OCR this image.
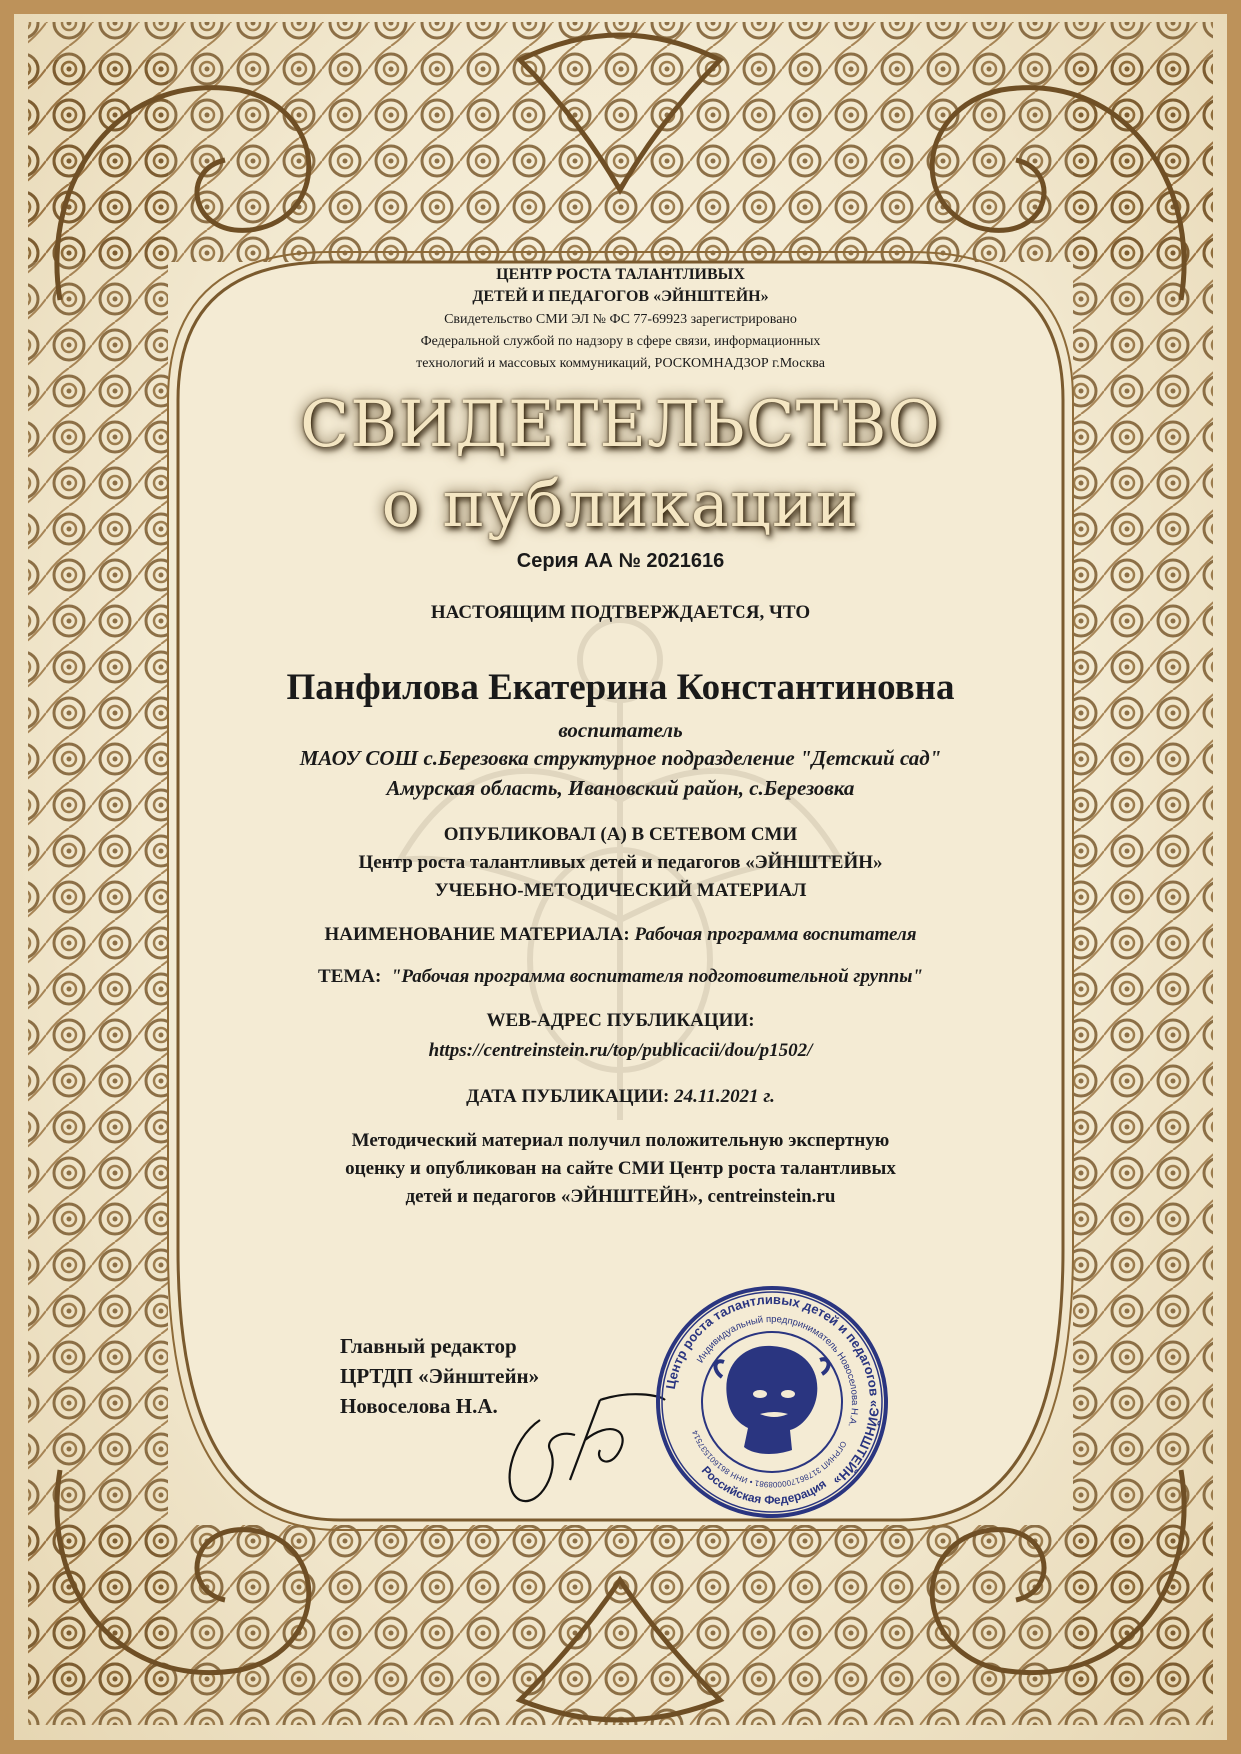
ЦЕНТР РОСТА ТАЛАНТЛИВЫХ
ДЕТЕЙ И ПЕДАГОГОВ «ЭЙНШТЕЙН»
Свидетельство СМИ ЭЛ № ФС 77-69923 зарегистрировано
Федеральной службой по надзору в сфере связи, информационных
технологий и массовых коммуникаций, РОСКОМНАДЗОР г.Москва
СВИДЕТЕЛЬСТВО
о публикации
Серия АА № 2021616
НАСТОЯЩИМ ПОДТВЕРЖДАЕТСЯ, ЧТО
Панфилова Екатерина Константиновна
воспитатель
МАОУ СОШ с.Березовка структурное подразделение "Детский сад"
Амурская область, Ивановский район, с.Березовка
ОПУБЛИКОВАЛ (А) В СЕТЕВОМ СМИ
Центр роста талантливых детей и педагогов «ЭЙНШТЕЙН»
УЧЕБНО-МЕТОДИЧЕСКИЙ МАТЕРИАЛ
НАИМЕНОВАНИЕ МАТЕРИАЛА: Рабочая программа воспитателя
ТЕМА: "Рабочая программа воспитателя подготовительной группы"
WEB-АДРЕС ПУБЛИКАЦИИ:
https://centreinstein.ru/top/publicacii/dou/p1502/
ДАТА ПУБЛИКАЦИИ: 24.11.2021 г.
Методический материал получил положительную экспертную
оценку и опубликован на сайте СМИ Центр роста талантливых
детей и педагогов «ЭЙНШТЕЙН», centreinstein.ru
Главный редактор
ЦРТДП «Эйнштейн»
Новоселова Н.А.
Центр роста талантливых детей и педагогов «ЭЙНШТЕЙН»
Индивидуальный предприниматель Новоселова Н.А.
ОГРНИП 317861700008981 • ИНН 861601537514
Российская Федерация
